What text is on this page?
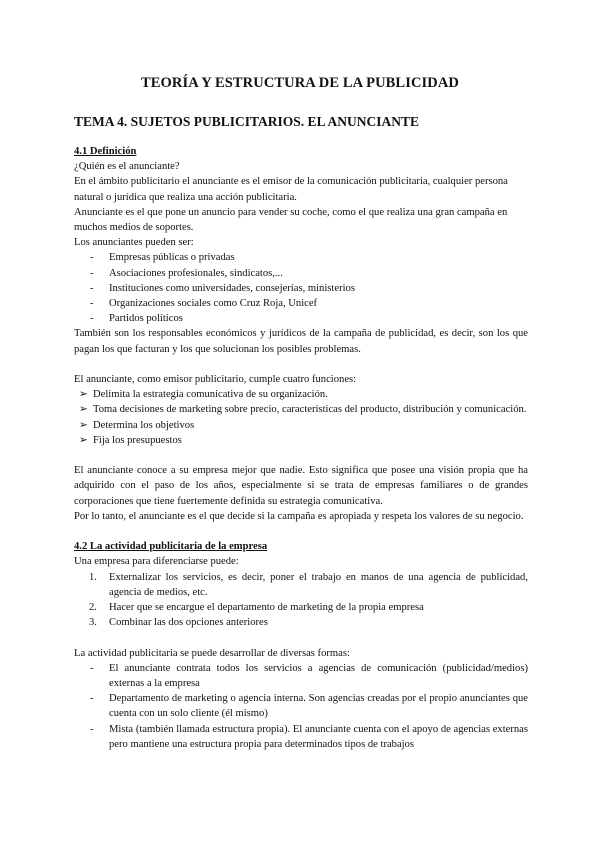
TEORÍA Y ESTRUCTURA DE LA PUBLICIDAD
TEMA 4. SUJETOS PUBLICITARIOS. EL ANUNCIANTE

4.1 Definición

¿Quién es el anunciante?

En el ámbito publicitario el anunciante es el emisor de la comunicación publicitaria, cualquier persona natural o jurídica que realiza una acción publicitaria.

Anunciante es el que pone un anuncio para vender su coche, como el que realiza una gran campaña en muchos medios de soportes.

Los anunciantes pueden ser:

- Empresas públicas o privadas
- Asociaciones profesionales, sindicatos,...
- Instituciones como universidades, consejerías, ministerios
- Organizaciones sociales como Cruz Roja, Unicef
- Partidos políticos

También son los responsables económicos y jurídicos de la campaña de publicidad, es decir, son los que pagan los que facturan y los que solucionan los posibles problemas.

El anunciante, como emisor publicitario, cumple cuatro funciones:

➢ Delimita la estrategia comunicativa de su organización.
➢ Toma decisiones de marketing sobre precio, características del producto, distribución y comunicación.
➢ Determina los objetivos
➢ Fija los presupuestos

El anunciante conoce a su empresa mejor que nadie. Esto significa que posee una visión propia que ha adquirido con el paso de los años, especialmente si se trata de empresas familiares o de grandes corporaciones que tiene fuertemente definida su estrategia comunicativa.

Por lo tanto, el anunciante es el que decide si la campaña es apropiada y respeta los valores de su negocio.

4.2 La actividad publicitaria de la empresa

Una empresa para diferenciarse puede:

1. Externalizar los servicios, es decir, poner el trabajo en manos de una agencia de publicidad, agencia de medios, etc.
2. Hacer que se encargue el departamento de marketing de la propia empresa
3. Combinar las dos opciones anteriores

La actividad publicitaria se puede desarrollar de diversas formas:

- El anunciante contrata todos los servicios a agencias de comunicación (publicidad/medios) externas a la empresa
- Departamento de marketing o agencia interna. Son agencias creadas por el propio anunciantes que cuenta con un solo cliente (él mismo)
- Mista (también llamada estructura propia). El anunciante cuenta con el apoyo de agencias externas pero mantiene una estructura propia para determinados tipos de trabajos
